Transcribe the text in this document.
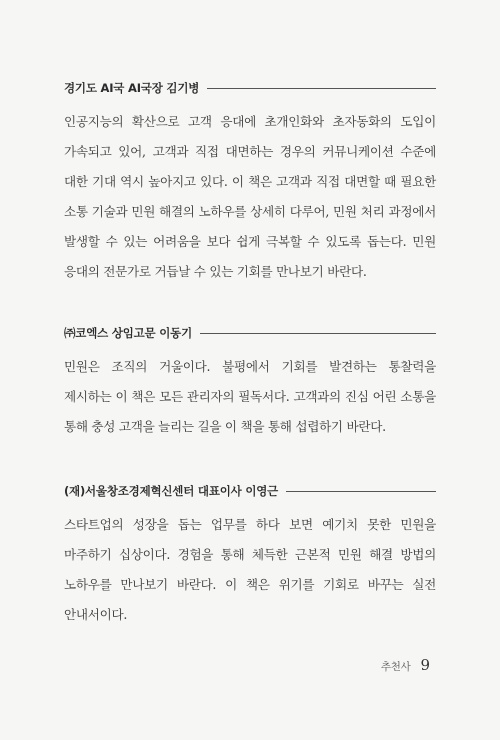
경기도 AI국 AI국장 김기병

인공지능의 확산으로 고객 응대에 초개인화와 초자동화의 도입이 가속되고 있어, 고객과 직접 대면하는 경우의 커뮤니케이션 수준에 대한 기대 역시 높아지고 있다. 이 책은 고객과 직접 대면할 때 필요한 소통 기술과 민원 해결의 노하우를 상세히 다루어, 민원 처리 과정에서 발생할 수 있는 어려움을 보다 쉽게 극복할 수 있도록 돕는다. 민원 응대의 전문가로 거듭날 수 있는 기회를 만나보기 바란다.

㈜코엑스 상임고문 이동기

민원은 조직의 거울이다. 불평에서 기회를 발견하는 통찰력을 제시하는 이 책은 모든 관리자의 필독서다. 고객과의 진심 어린 소통을 통해 충성 고객을 늘리는 길을 이 책을 통해 섭렵하기 바란다.

(재)서울창조경제혁신센터 대표이사 이영근

스타트업의 성장을 돕는 업무를 하다 보면 예기치 못한 민원을 마주하기 십상이다. 경험을 통해 체득한 근본적 민원 해결 방법의 노하우를 만나보기 바란다. 이 책은 위기를 기회로 바꾸는 실전 안내서이다.

추천사 9
